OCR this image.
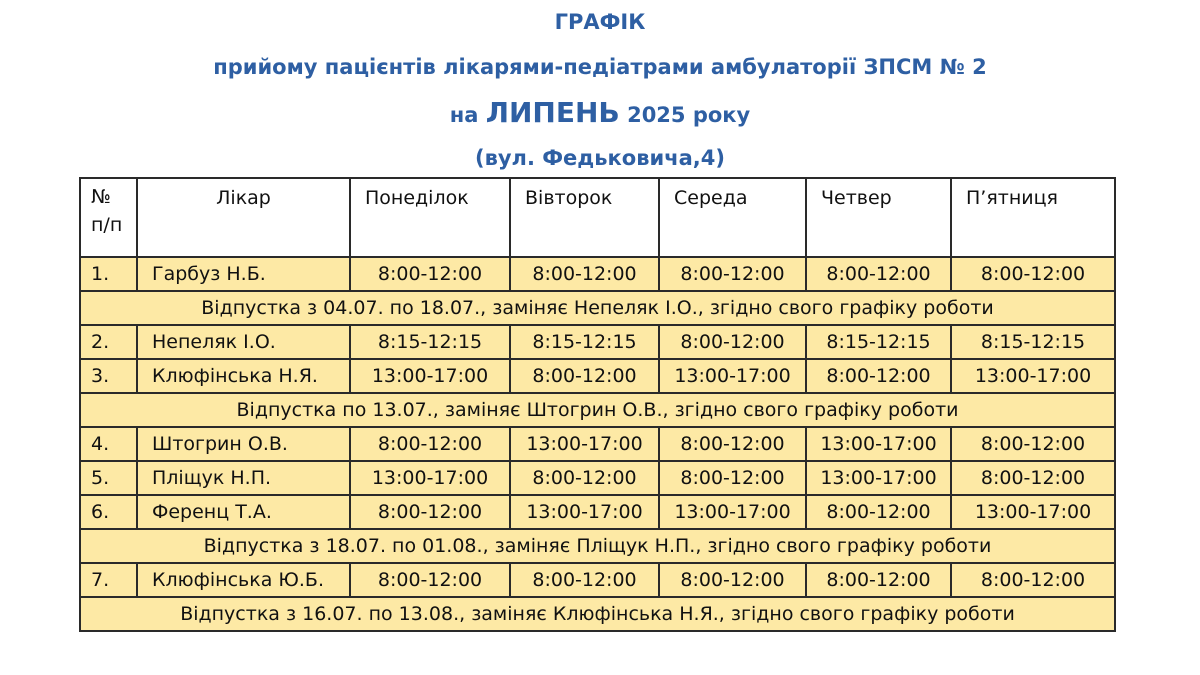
ГРАФІК
прийому пацієнтів лікарями-педіатрами амбулаторії ЗПСМ № 2
на ЛИПЕНЬ 2025 року
(вул. Федьковича,4)
№
п/п	Лікар	Понеділок	Вівторок	Середа	Четвер	П’ятниця
1.	Гарбуз Н.Б.	8:00-12:00	8:00-12:00	8:00-12:00	8:00-12:00	8:00-12:00
Відпустка з 04.07. по 18.07., заміняє Непеляк І.О., згідно свого графіку роботи						
2.	Непеляк І.О.	8:15-12:15	8:15-12:15	8:00-12:00	8:15-12:15	8:15-12:15
3.	Клюфінська Н.Я.	13:00-17:00	8:00-12:00	13:00-17:00	8:00-12:00	13:00-17:00
Відпустка по 13.07., заміняє Штогрин О.В., згідно свого графіку роботи						
4.	Штогрин О.В.	8:00-12:00	13:00-17:00	8:00-12:00	13:00-17:00	8:00-12:00
5.	Пліщук Н.П.	13:00-17:00	8:00-12:00	8:00-12:00	13:00-17:00	8:00-12:00
6.	Ференц Т.А.	8:00-12:00	13:00-17:00	13:00-17:00	8:00-12:00	13:00-17:00
Відпустка з 18.07. по 01.08., заміняє Пліщук Н.П., згідно свого графіку роботи						
7.	Клюфінська Ю.Б.	8:00-12:00	8:00-12:00	8:00-12:00	8:00-12:00	8:00-12:00
Відпустка з 16.07. по 13.08., заміняє Клюфінська Н.Я., згідно свого графіку роботи						
